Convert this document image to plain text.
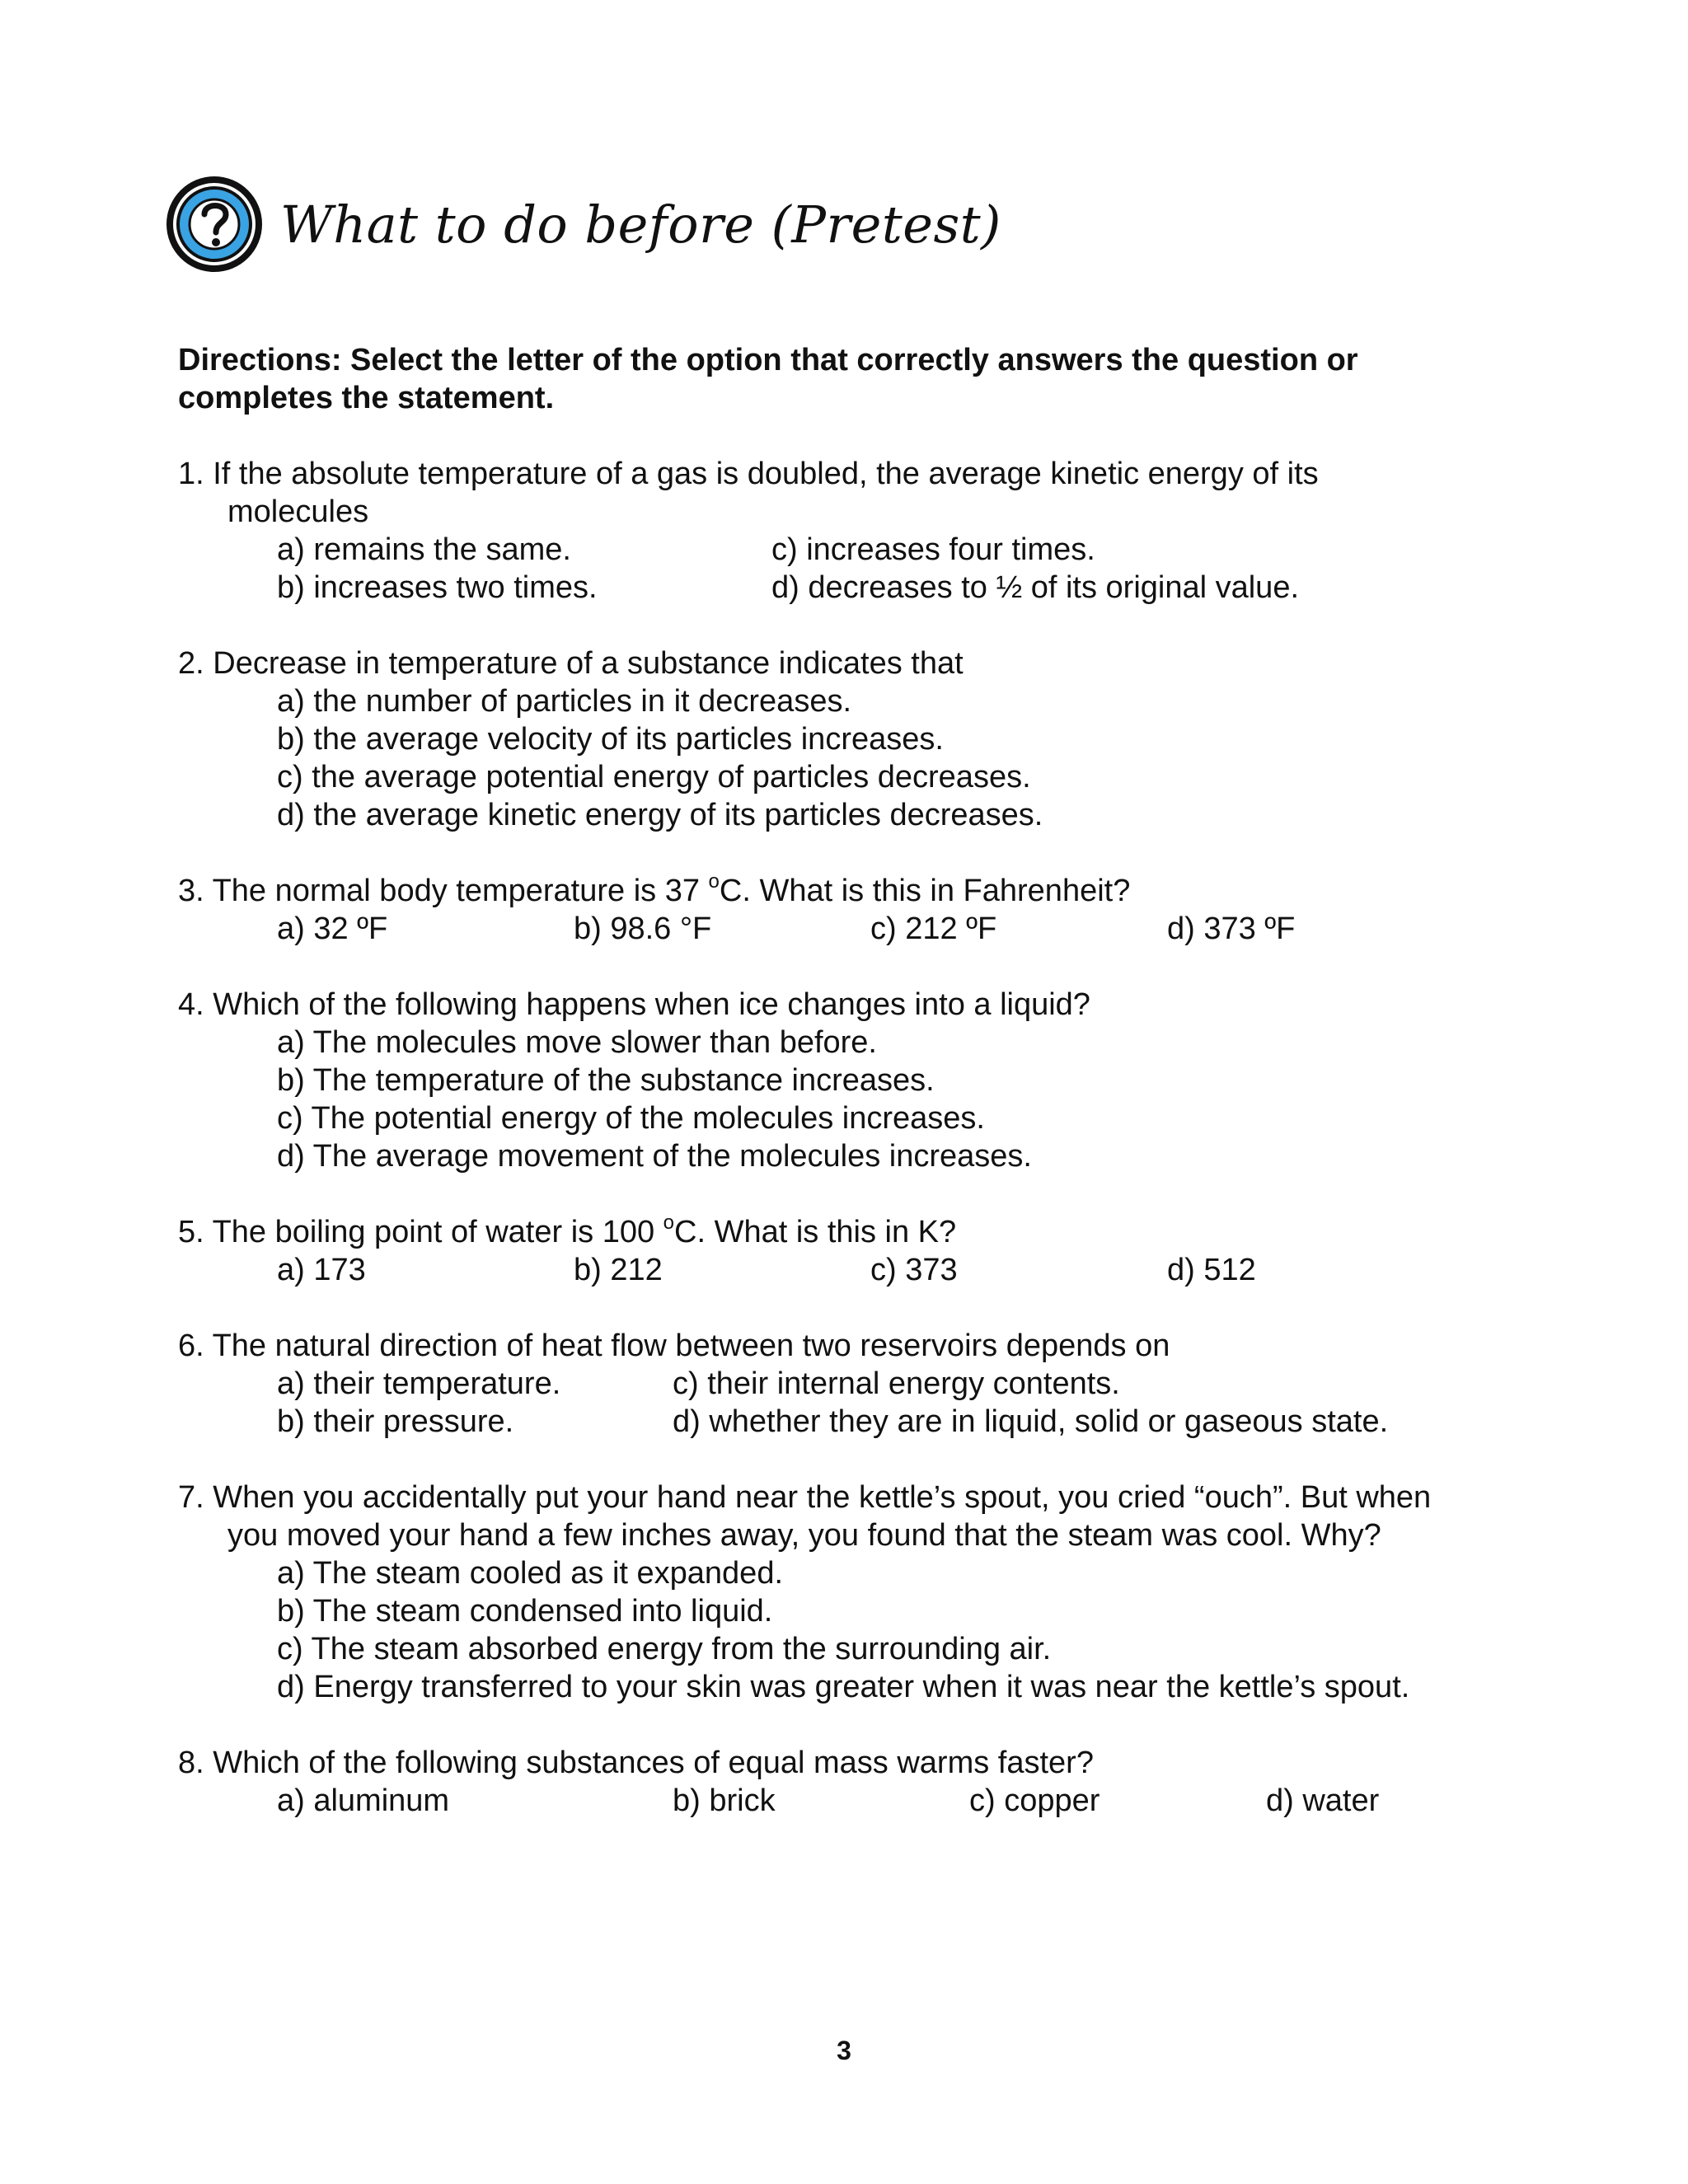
What to do before (Pretest)
Directions: Select the letter of the option that correctly answers the question or completes the statement.
1. If the absolute temperature of a gas is doubled, the average kinetic energy of its
molecules
a) remains the same.	c) increases four times.
b) increases two times.	d) decreases to ½ of its original value.
2. Decrease in temperature of a substance indicates that
a) the number of particles in it decreases.
b) the average velocity of its particles increases.
c) the average potential energy of particles decreases.
d) the average kinetic energy of its particles decreases.
3. The normal body temperature is 37 $^o$C. What is this in Fahrenheit?
a) 32 ºF	b) 98.6 °F	c) 212 ºF	d) 373 ºF
4. Which of the following happens when ice changes into a liquid?
a) The molecules move slower than before.
b) The temperature of the substance increases.
c) The potential energy of the molecules increases.
d) The average movement of the molecules increases.
5. The boiling point of water is 100 $^o$C. What is this in K?
a) 173	b) 212	c) 373	d) 512
6. The natural direction of heat flow between two reservoirs depends on
a) their temperature.	c) their internal energy contents.
b) their pressure.	d) whether they are in liquid, solid or gaseous state.
7. When you accidentally put your hand near the kettle’s spout, you cried “ouch”. But when
you moved your hand a few inches away, you found that the steam was cool. Why?
a) The steam cooled as it expanded.
b) The steam condensed into liquid.
c) The steam absorbed energy from the surrounding air.
d) Energy transferred to your skin was greater when it was near the kettle’s spout.
8. Which of the following substances of equal mass warms faster?
a) aluminum	b) brick	c) copper	d) water
3
